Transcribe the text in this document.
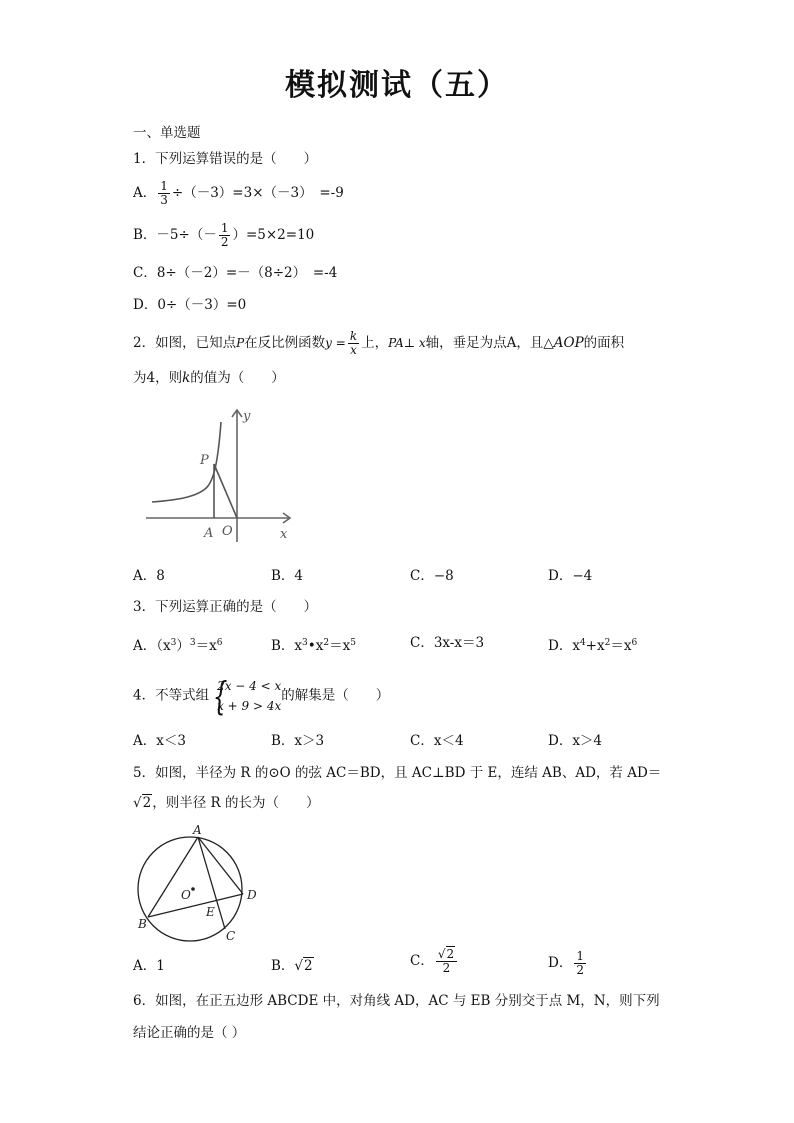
模拟测试（五）
一、单选题
1．下列运算错误的是（　　）
A． $\frac{1}{3} \div(-3)=3\times(-3)$　=-9
B．$-5\div(- \frac{1}{2} )=5\times 2=10$
C．8÷（－2）=－（8÷2）　=-4
D．0÷（－3）=0
2．如图，已知点P在反比例函数$y = \frac{k}{x}$ 上，PA⊥ x轴，垂足为点A，且△AOP的面积
为4，则k的值为（　　）
y
x
P
A O
A．8	B．4	C．−8	D．−4
3．下列运算正确的是（　　）
A．$(x^3)^3=x^6$	B．$x^3•x^2=x^5$	C．3x-x＝3	D．$x^4+x^2=x^6$
4．不等式组 {
2x − 4 < x
x + 9 > 4x
的解集是（　　）
A．x＜3	B．x＞3	C．x＜4	D．x＞4
5．如图，半径为 R 的⊙O 的弦 AC＝BD，且 AC⊥BD 于 E，连结 AB、AD，若 AD＝
√2，则半径 R 的长为（　　）
A
B
C
D
E
O
A．1	B．√2	C． $\frac{√2}{2}$	D． $\frac{1}{2}$
6．如图，在正五边形 ABCDE 中，对角线 AD，AC 与 EB 分别交于点 M，N，则下列
结论正确的是（ ）
